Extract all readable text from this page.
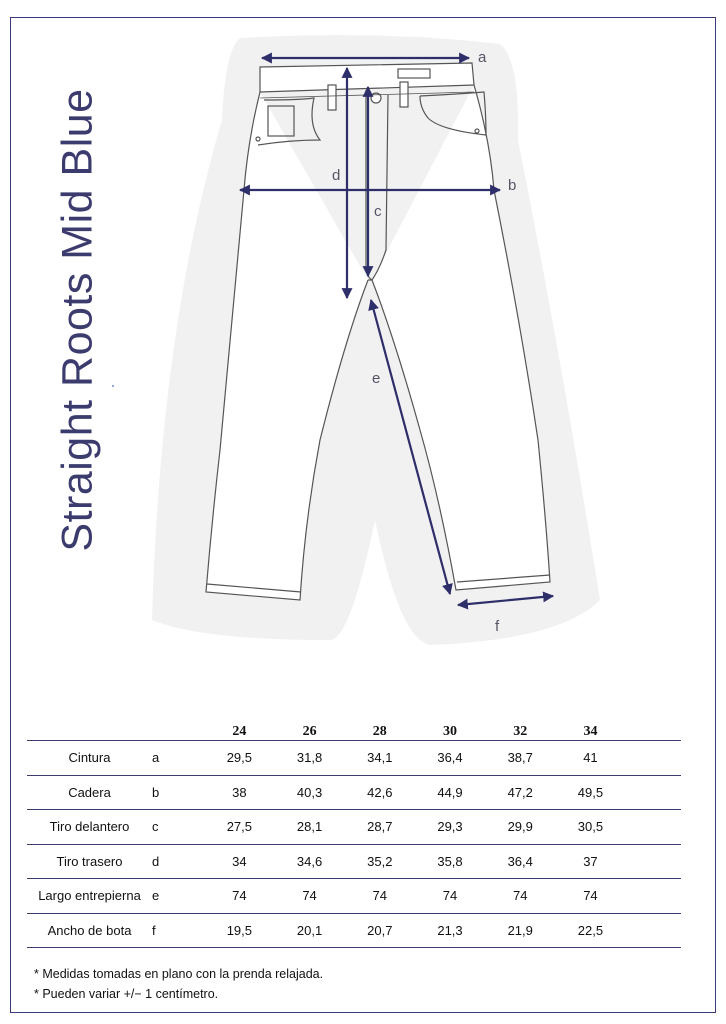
Straight Roots Mid Blue
a
b
c
d
e
f
		24	26	28	30	32	34	
Cintura	a	29,5	31,8	34,1	36,4	38,7	41	
Cadera	b	38	40,3	42,6	44,9	47,2	49,5	
Tiro delantero	c	27,5	28,1	28,7	29,3	29,9	30,5	
Tiro trasero	d	34	34,6	35,2	35,8	36,4	37	
Largo entrepierna	e	74	74	74	74	74	74	
Ancho de bota	f	19,5	20,1	20,7	21,3	21,9	22,5	
* Medidas tomadas en plano con la prenda relajada.
* Pueden variar +/− 1 centímetro.
